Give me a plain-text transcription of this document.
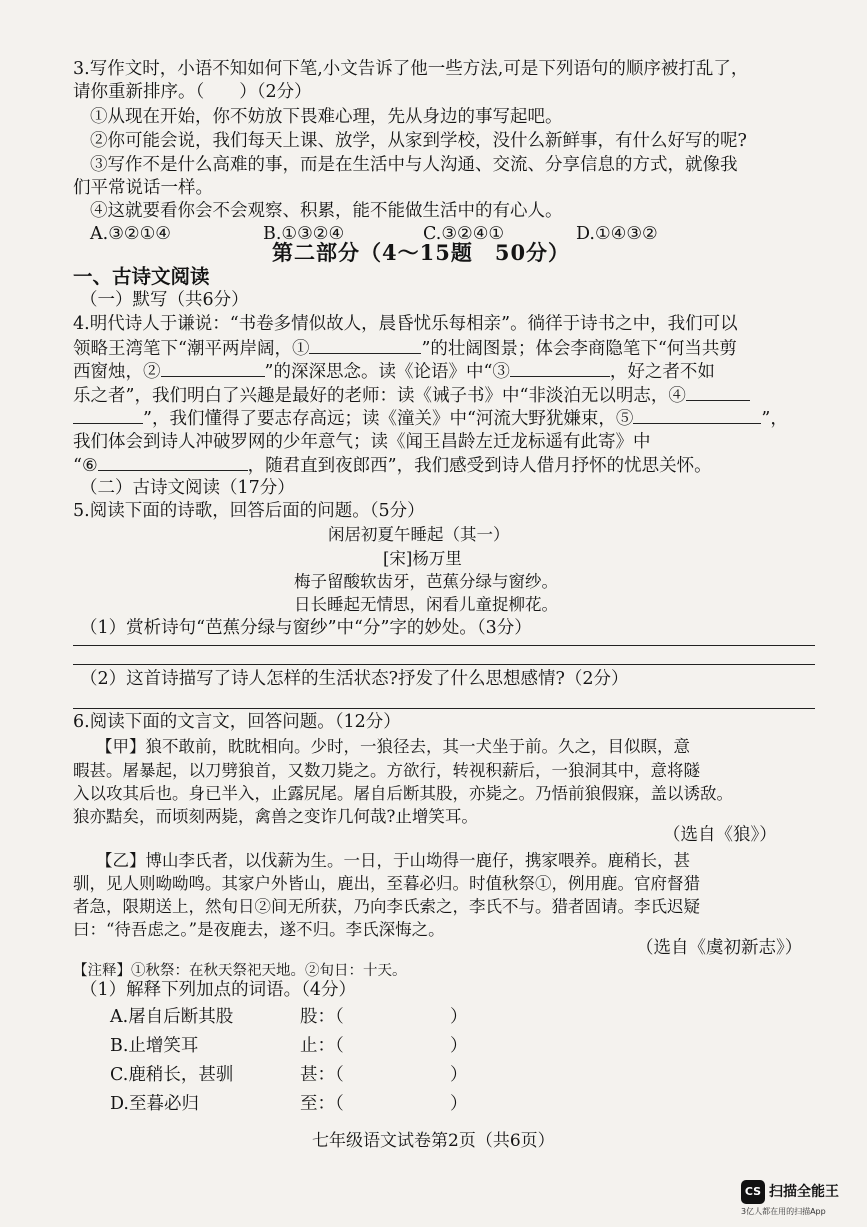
3.写作文时，小语不知如何下笔,小文告诉了他一些方法,可是下列语句的顺序被打乱了，
请你重新排序。（　　）（2分）
①从现在开始，你不妨放下畏难心理，先从身边的事写起吧。
②你可能会说，我们每天上课、放学，从家到学校，没什么新鲜事，有什么好写的呢?
③写作不是什么高难的事，而是在生活中与人沟通、交流、分享信息的方式，就像我
们平常说话一样。
④这就要看你会不会观察、积累，能不能做生活中的有心人。
A.③②①④	B.①③②④	C.③②④①	D.①④③②
第二部分（4～15题　50分）
一、古诗文阅读
（一）默写（共6分）
4.明代诗人于谦说：“书卷多情似故人，晨昏忧乐每相亲”。徜徉于诗书之中，我们可以
领略王湾笔下“潮平两岸阔，①	”的壮阔图景；体会李商隐笔下“何当共剪
西窗烛，②	”的深深思念。读《论语》中“③	，好之者不如
乐之者”，我们明白了兴趣是最好的老师：读《诫子书》中“非淡泊无以明志，④
”，我们懂得了要志存高远；读《潼关》中“河流大野犹嫌束，⑤	”，
我们体会到诗人冲破罗网的少年意气；读《闻王昌龄左迁龙标遥有此寄》中
“⑥	，随君直到夜郎西”，我们感受到诗人借月抒怀的忧思关怀。
（二）古诗文阅读（17分）
5.阅读下面的诗歌，回答后面的问题。（5分）
闲居初夏午睡起（其一）
[宋]杨万里
梅子留酸软齿牙，芭蕉分绿与窗纱。
日长睡起无情思，闲看儿童捉柳花。
（1）赏析诗句“芭蕉分绿与窗纱”中“分”字的妙处。（3分）
（2）这首诗描写了诗人怎样的生活状态?抒发了什么思想感情?（2分）
6.阅读下面的文言文，回答问题。（12分）
【甲】狼不敢前，眈眈相向。少时，一狼径去，其一犬坐于前。久之，目似瞑，意
暇甚。屠暴起，以刀劈狼首，又数刀毙之。方欲行，转视积薪后，一狼洞其中，意将隧
入以攻其后也。身已半入，止露尻尾。屠自后断其股，亦毙之。乃悟前狼假寐，盖以诱敌。
狼亦黠矣，而顷刻两毙，禽兽之变诈几何哉?止增笑耳。
（选自《狼》）
【乙】博山李氏者，以伐薪为生。一日，于山坳得一鹿仔，携家喂养。鹿稍长，甚
驯，见人则呦呦鸣。其家户外皆山，鹿出，至暮必归。时值秋祭①，例用鹿。官府督猎
者急，限期送上，然旬日②间无所获，乃向李氏索之，李氏不与。猎者固请。李氏迟疑
曰：“待吾虑之。”是夜鹿去，遂不归。李氏深悔之。
（选自《虞初新志》）
【注释】①秋祭：在秋天祭祀天地。②旬日：十天。
（1）解释下列加点的词语。（4分）
A.屠自后断其股	股：（	）
B.止增笑耳	止：（	）
C.鹿稍长，甚驯	甚：（	）
D.至暮必归	至：（	）
七年级语文试卷第2页（共6页）
CS 扫描全能王
3亿人都在用的扫描App
